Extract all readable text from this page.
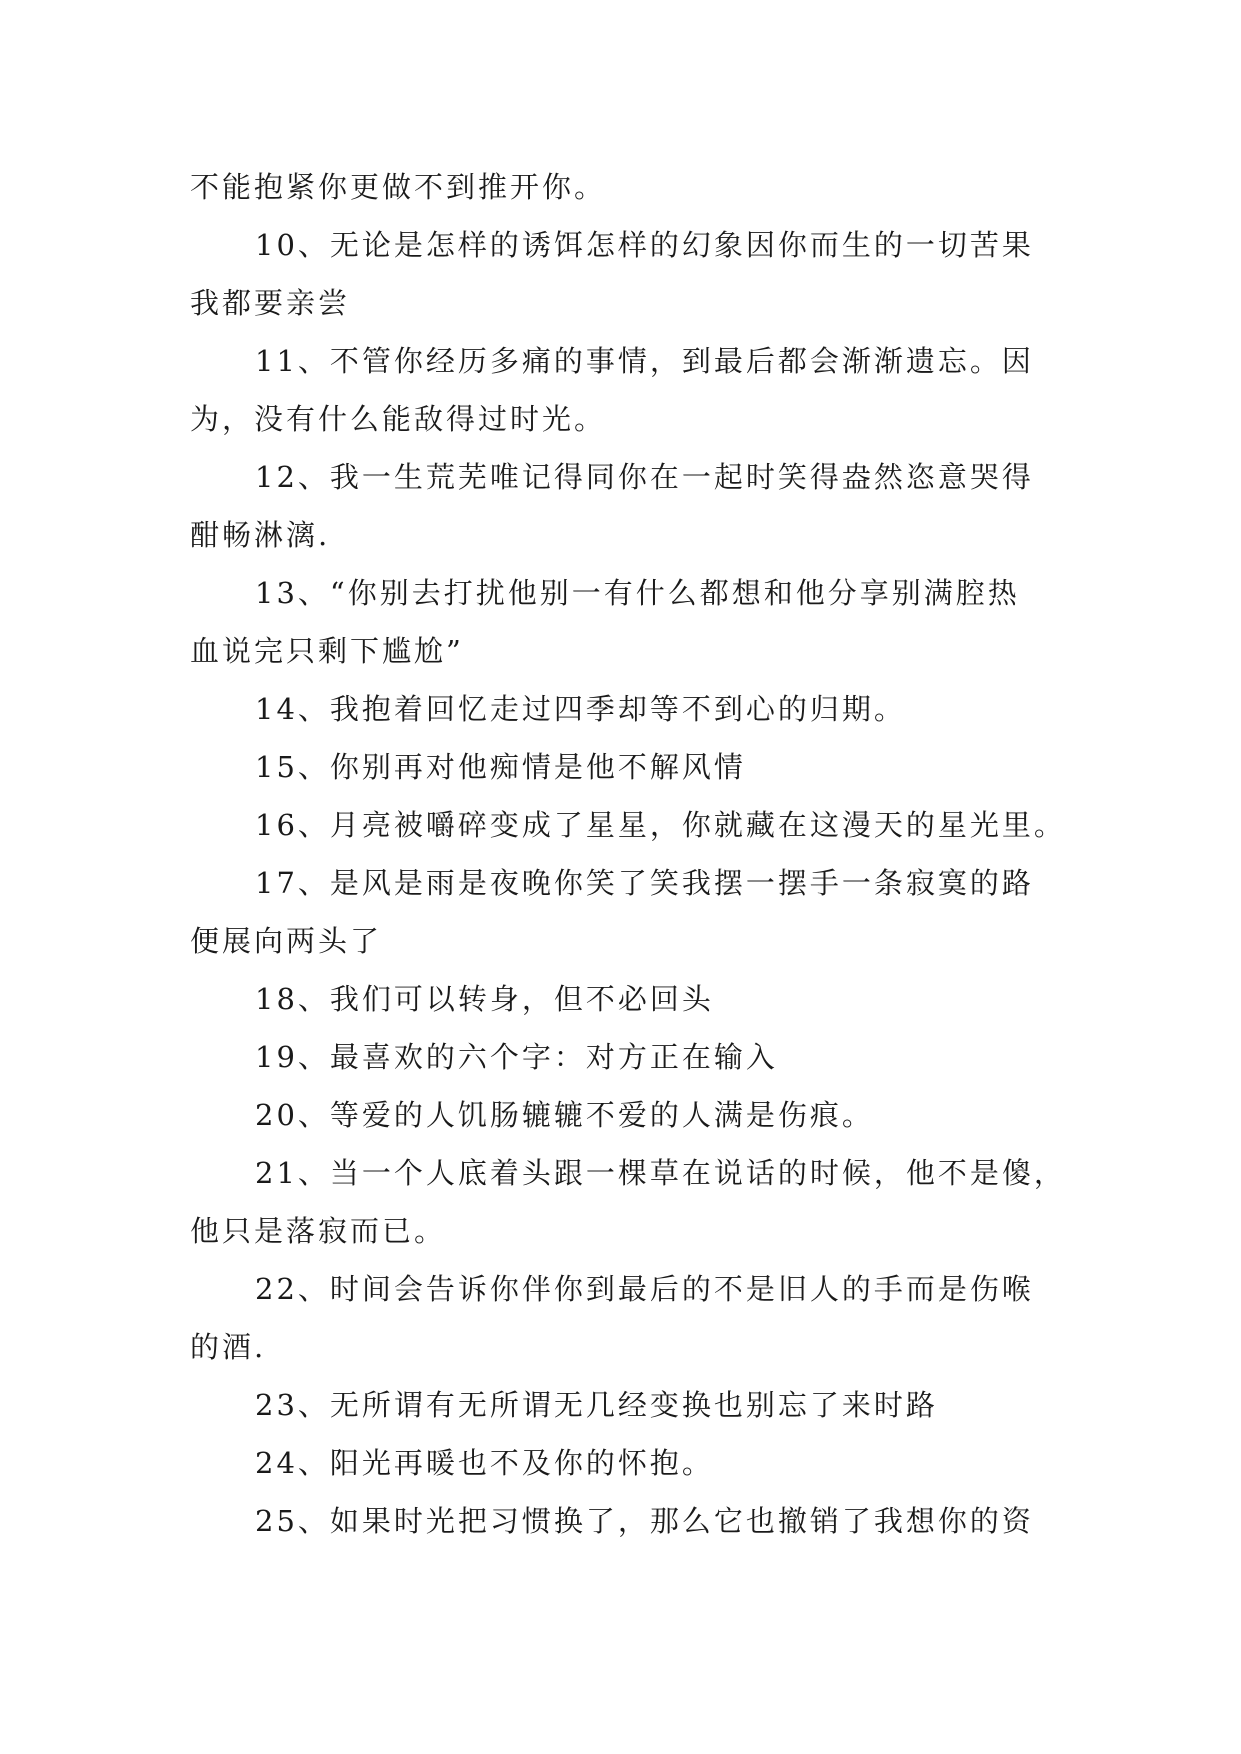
不能抱紧你更做不到推开你。
10、无论是怎样的诱饵怎样的幻象因你而生的一切苦果
我都要亲尝
11、不管你经历多痛的事情，到最后都会渐渐遗忘。因
为，没有什么能敌得过时光。
12、我一生荒芜唯记得同你在一起时笑得盎然恣意哭得
酣畅淋漓.
13、“你别去打扰他别一有什么都想和他分享别满腔热
血说完只剩下尴尬”
14、我抱着回忆走过四季却等不到心的归期。
15、你别再对他痴情是他不解风情
16、月亮被嚼碎变成了星星，你就藏在这漫天的星光里。
17、是风是雨是夜晚你笑了笑我摆一摆手一条寂寞的路
便展向两头了
18、我们可以转身，但不必回头
19、最喜欢的六个字：对方正在输入
20、等爱的人饥肠辘辘不爱的人满是伤痕。
21、当一个人底着头跟一棵草在说话的时候，他不是傻，
他只是落寂而已。
22、时间会告诉你伴你到最后的不是旧人的手而是伤喉
的酒.
23、无所谓有无所谓无几经变换也别忘了来时路
24、阳光再暖也不及你的怀抱。
25、如果时光把习惯换了，那么它也撤销了我想你的资
